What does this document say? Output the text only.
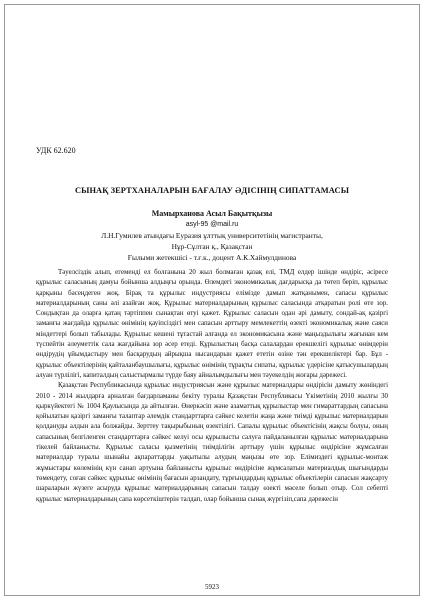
УДК 62.620
СЫНАҚ ЗЕРТХАНАЛАРЫН БАҒАЛАУ ӘДІСІНІҢ СИПАТТАМАСЫ
Мамырханова Асыл Бақытқызы
asyl-95 @mail.ru
Л.Н.Гумилев атындағы Еуразия ұлттық университетінің магистранты,
Нұр-Сұлтан қ., Қазақстан
Ғылыми жетекшісі - т.ғ.к., доцент А.К.Хаймулдинова

Тәуелсіздік алып, егеменді ел болғанына 20 жыл болмаған қазақ елі, ТМД елдер ішінде өндіріс, әсіресе құрылыс саласының дамуы бойынша алдыңғы орында. Өлемдегі экономикалық дағдарысқа да төтеп беріп, құрылыс қарқыны бәсеңдеген жоқ. Бірақ та құрылыс индустриясы елімізде дамып жатқанымен, сапасы құрылыс материалдарының саны әлі азайған жоқ. Құрылыс материалдарының құрылыс саласында атқаратын ролі өте зор. Сондықтан да оларға қатаң тәртіппен сынақтан өтуі қажет. Құрылыс саласын одан әрі дамыту, сондай-ақ қазіргі заманғы жағдайда құрылыс өнімінің қауіпсіздігі мен сапасын арттыру мемлекеттің өзекті экономикалық және саяси міндеттері болып табылады. Құрылыс кешені тұтастай алғанда ел экономикасына және маңыздылығы жағынан кем түспейтін әлеуметтік сала жағдайына зор әсер етеді. Құрылыстың басқа салалардан ерекшелігі құрылыс өнімдерін өндірудің ұйымдастыру мен басқарудың айрықша нысандарын қажет ететін өзіне тән ерекшеліктері бар. Бұл - құрылыс объектілерінің қайталанбаушылығы, құрылыс өнімінің тұрақты сипаты, құрылыс үдерісіне қатысушылардың алуан түрлілігі, капиталдың салыстырмалы түрде баяу айналымдылығы мен тәуекелдің жоғары дәрежесі.

Қазақстан Республикасында құрылыс индустриясын және құрылыс материалдары өндірісін дамыту жөніндегі 2010 - 2014 жылдарға арналған бағдарламаны бекіту туралы Қазақстан Республикасы Үкіметінің 2010 жылғы 30 қыркүйектегі № 1004 Қаулысында да айтылған. Өнеркәсіп және азаматтық құрылыстар мен гимараттардың сапасына қойылатын қазіргі заманғы талаптар әлемдік стандарттарға сәйкес келетін жаңа және тиімді құрылыс материалдарын қолдануды алдын ала болжайды. Зерттеу тақырыбының өзектілігі. Сапалы құрылыс объектісінің жақсы болуы, оның сапасының белгіленген стандарттарға сәйкес келуі осы құрылысты салуға пайдаланылған құрылыс материалдарына тікелей байланысты. Құрылыс саласы қызметінің тиімділігін арттыру үшін құрылыс өндірісіне жұмсалған материалдар туралы шынайы ақпараттарды уақытылы алудың маңызы өте зор. Елімиздегі құрылыс-монтаж жұмыстары көлемінің күн санап артуына байланысты құрылыс өндірісіне жұмсалатын материалдық шығындарды төмендету, соған сәйкес құрылыс өнімінің бағасын арзандату, тұрғындардың құрылыс объектілерін сапасын жақсарту шараларын жүзеге асыруда құрылыс материалдарының сапасын талдау өзекті мәселе болып отыр. Сол себепті құрылыс материалдарының сапа көрсеткіштерін талдап, олар бойынша сынақ жүргізіп,сапа дәрежесін

5923
